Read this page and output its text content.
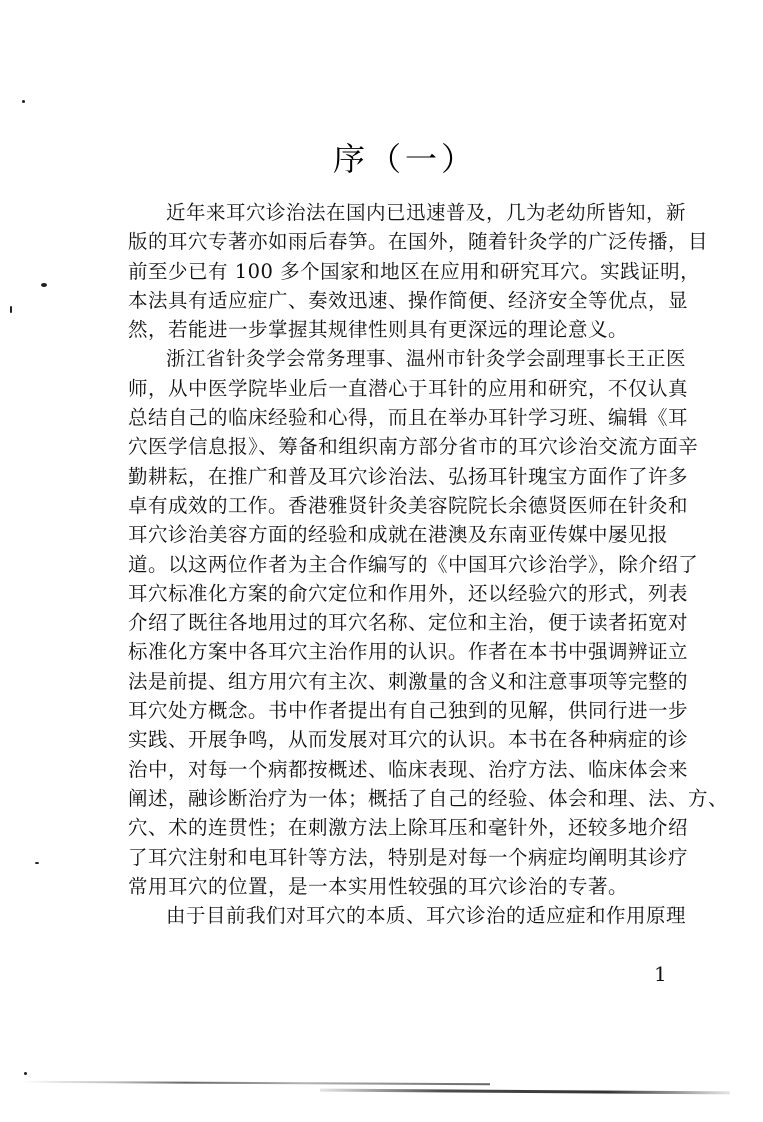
序（一）
近年来耳穴诊治法在国内已迅速普及，几为老幼所皆知，新
版的耳穴专著亦如雨后春笋。在国外，随着针灸学的广泛传播，目
前至少已有 100 多个国家和地区在应用和研究耳穴。实践证明，
本法具有适应症广、奏效迅速、操作简便、经济安全等优点，显
然，若能进一步掌握其规律性则具有更深远的理论意义。
浙江省针灸学会常务理事、温州市针灸学会副理事长王正医
师，从中医学院毕业后一直潜心于耳针的应用和研究，不仅认真
总结自己的临床经验和心得，而且在举办耳针学习班、编辑《耳
穴医学信息报》、筹备和组织南方部分省市的耳穴诊治交流方面辛
勤耕耘，在推广和普及耳穴诊治法、弘扬耳针瑰宝方面作了许多
卓有成效的工作。香港雅贤针灸美容院院长余德贤医师在针灸和
耳穴诊治美容方面的经验和成就在港澳及东南亚传媒中屡见报
道。以这两位作者为主合作编写的《中国耳穴诊治学》，除介绍了
耳穴标准化方案的俞穴定位和作用外，还以经验穴的形式，列表
介绍了既往各地用过的耳穴名称、定位和主治，便于读者拓宽对
标准化方案中各耳穴主治作用的认识。作者在本书中强调辨证立
法是前提、组方用穴有主次、刺激量的含义和注意事项等完整的
耳穴处方概念。书中作者提出有自己独到的见解，供同行进一步
实践、开展争鸣，从而发展对耳穴的认识。本书在各种病症的诊
治中，对每一个病都按概述、临床表现、治疗方法、临床体会来
阐述，融诊断治疗为一体；概括了自己的经验、体会和理、法、方、
穴、术的连贯性；在刺激方法上除耳压和毫针外，还较多地介绍
了耳穴注射和电耳针等方法，特别是对每一个病症均阐明其诊疗
常用耳穴的位置，是一本实用性较强的耳穴诊治的专著。
由于目前我们对耳穴的本质、耳穴诊治的适应症和作用原理
1
